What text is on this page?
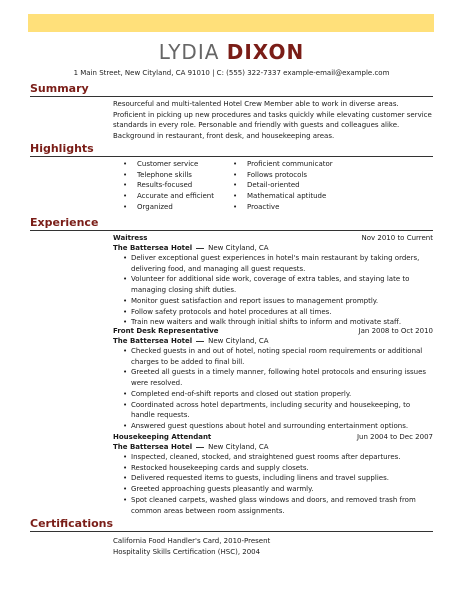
LYDIA DIXON
1 Main Street, New Cityland, CA 91010 | C: (555) 322-7337 example-email@example.com
Summary
Resourceful and multi-talented Hotel Crew Member able to work in diverse areas. Proficient in picking up new procedures and tasks quickly while elevating customer service standards in every role. Personable and friendly with guests and colleagues alike. Background in restaurant, front desk, and housekeeping areas.
Highlights
• Customer service
• Telephone skills
• Results-focused
• Accurate and efficient
• Organized
• Proficient communicator
• Follows protocols
• Detail-oriented
• Mathematical aptitude
• Proactive
Experience
Waitress	Nov 2010 to Current
The Battersea Hotel New Cityland, CA
• Deliver exceptional guest experiences in hotel's main restaurant by taking orders, delivering food, and managing all guest requests.
• Volunteer for additional side work, coverage of extra tables, and staying late to managing closing shift duties.
• Monitor guest satisfaction and report issues to management promptly.
• Follow safety protocols and hotel procedures at all times.
• Train new waiters and walk through initial shifts to inform and motivate staff.
Front Desk Representative	Jan 2008 to Oct 2010
The Battersea Hotel New Cityland, CA
• Checked guests in and out of hotel, noting special room requirements or additional charges to be added to final bill.
• Greeted all guests in a timely manner, following hotel protocols and ensuring issues were resolved.
• Completed end-of-shift reports and closed out station properly.
• Coordinated across hotel departments, including security and housekeeping, to handle requests.
• Answered guest questions about hotel and surrounding entertainment options.
Housekeeping Attendant	Jun 2004 to Dec 2007
The Battersea Hotel New Cityland, CA
• Inspected, cleaned, stocked, and straightened guest rooms after departures.
• Restocked housekeeping cards and supply closets.
• Delivered requested items to guests, including linens and travel supplies.
• Greeted approaching guests pleasantly and warmly.
• Spot cleaned carpets, washed glass windows and doors, and removed trash from common areas between room assignments.
Certifications
California Food Handler's Card, 2010-Present
Hospitality Skills Certification (HSC), 2004
